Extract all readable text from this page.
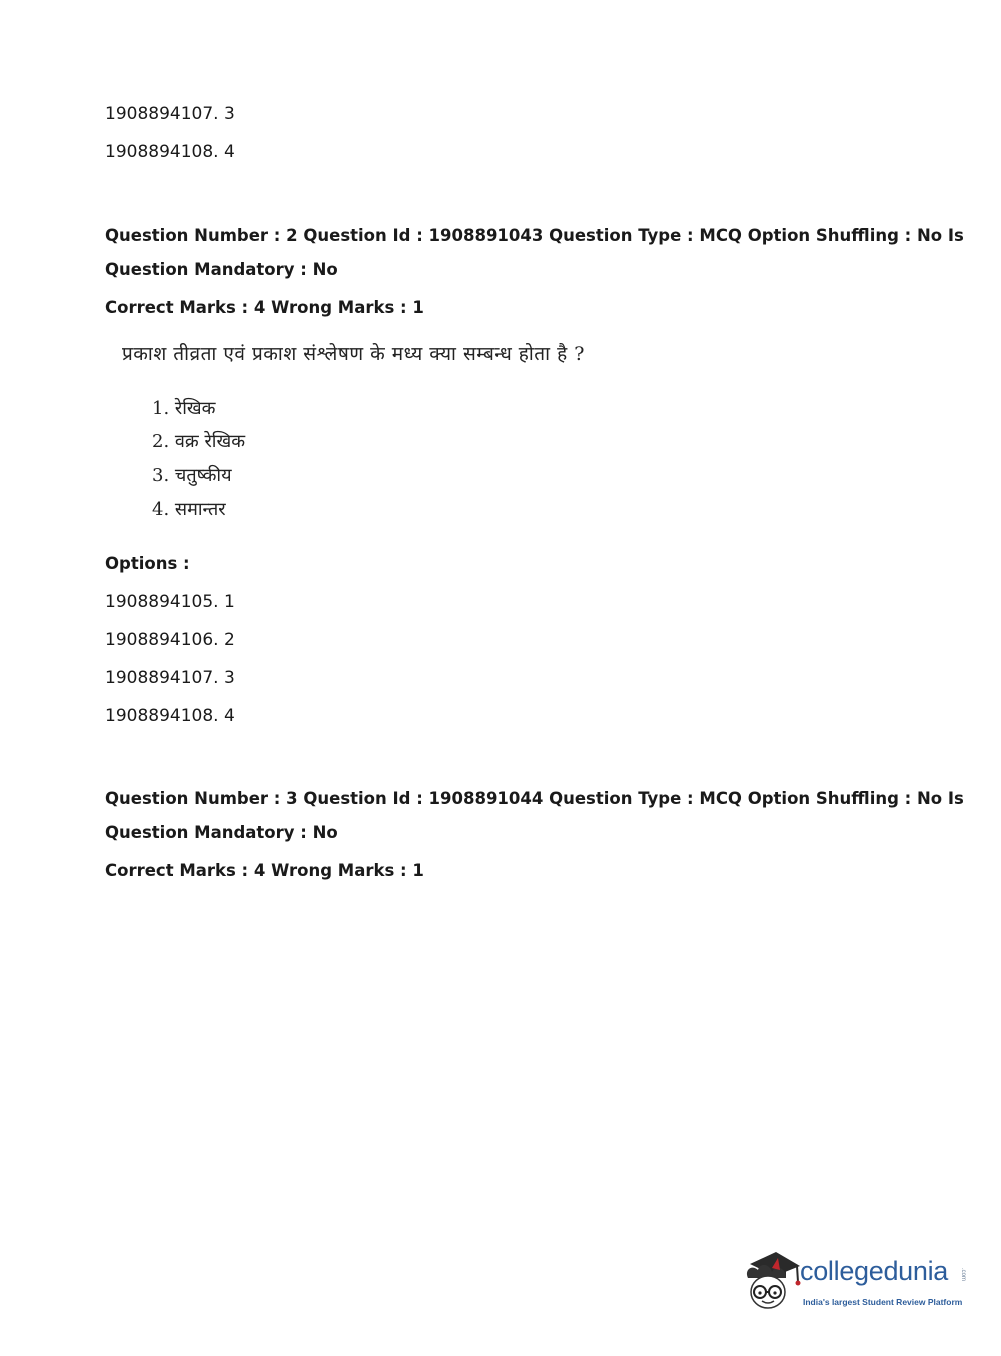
1908894107. 3
1908894108. 4
Question Number : 2 Question Id : 1908891043 Question Type : MCQ Option Shuffling : No Is
Question Mandatory : No
Correct Marks : 4 Wrong Marks : 1
प्रकाश तीव्रता एवं प्रकाश संश्लेषण के मध्य क्या सम्बन्ध होता है ?
1. रेखिक
2. वक्र रेखिक
3. चतुष्कीय
4. समान्तर
Options :
1908894105. 1
1908894106. 2
1908894107. 3
1908894108. 4
Question Number : 3 Question Id : 1908891044 Question Type : MCQ Option Shuffling : No Is
Question Mandatory : No
Correct Marks : 4 Wrong Marks : 1
collegedunia .com
India's largest Student Review Platform
